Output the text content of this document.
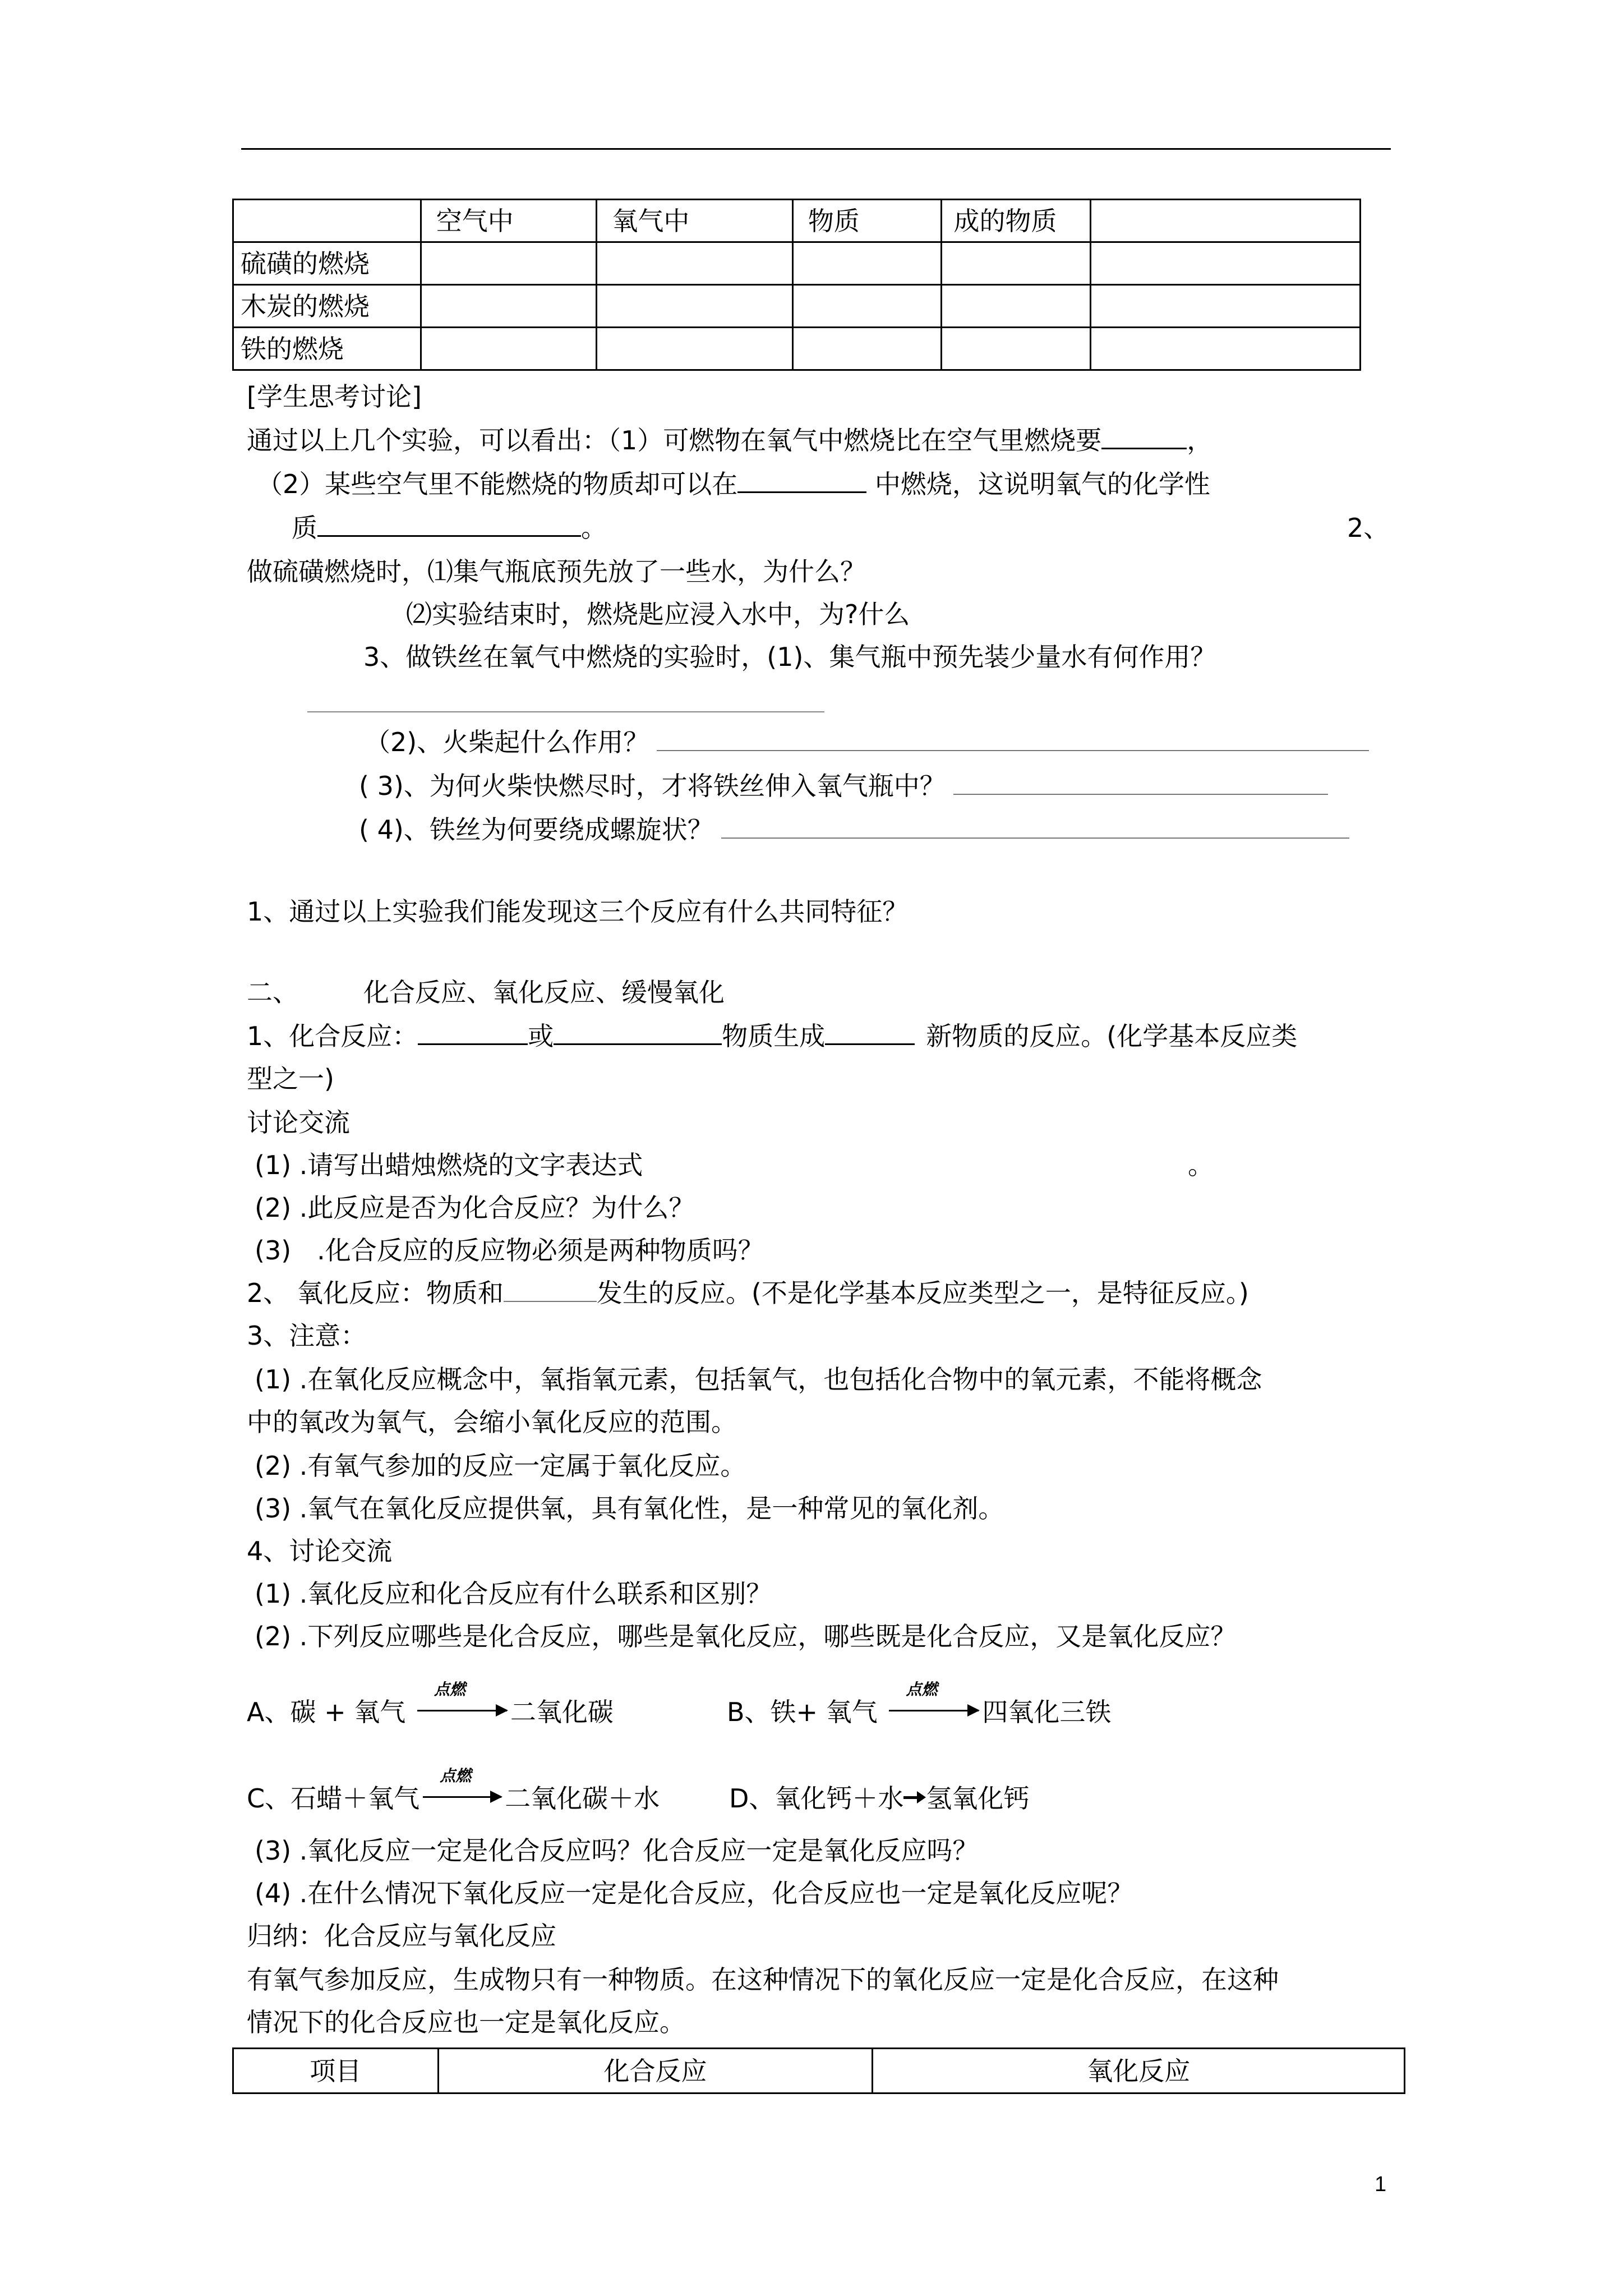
	空气中	氧气中	物质	成的物质	
硫磺的燃烧					
木炭的燃烧					
铁的燃烧					
[学生思考讨论]
通过以上几个实验，可以看出：（1）可燃物在氧气中燃烧比在空气里燃烧要	，
（2）某些空气里不能燃烧的物质却可以在	中燃烧，这说明氧气的化学性
质	。	2、
做硫磺燃烧时，⑴集气瓶底预先放了一些水，为什么？
⑵实验结束时，燃烧匙应浸入水中，为?什么
3、做铁丝在氧气中燃烧的实验时，(1)、集气瓶中预先装少量水有何作用？
（2)、火柴起什么作用？
( 3)、为何火柴快燃尽时，才将铁丝伸入氧气瓶中？
( 4)、铁丝为何要绕成螺旋状？
1、通过以上实验我们能发现这三个反应有什么共同特征？
二、	化合反应、氧化反应、缓慢氧化
1、化合反应：	或	物质生成	新物质的反应。(化学基本反应类
型之一)
讨论交流
(1) .请写出蜡烛燃烧的文字表达式	。
(2) .此反应是否为化合反应？为什么？
(3)　.化合反应的反应物必须是两种物质吗？
2、 氧化反应：物质和	发生的反应。(不是化学基本反应类型之一，是特征反应。)
3、注意：
(1) .在氧化反应概念中，氧指氧元素，包括氧气，也包括化合物中的氧元素，不能将概念
中的氧改为氧气，会缩小氧化反应的范围。
(2) .有氧气参加的反应一定属于氧化反应。
(3) .氧气在氧化反应提供氧，具有氧化性，是一种常见的氧化剂。
4、讨论交流
(1) .氧化反应和化合反应有什么联系和区别？
(2) .下列反应哪些是化合反应，哪些是氧化反应，哪些既是化合反应，又是氧化反应？
A、碳 + 氧气
点燃
二氧化碳	B、铁+ 氧气
点燃
四氧化三铁
C、石蜡＋氧气
点燃
二氧化碳＋水	D、氧化钙＋水 氢氧化钙
(3) .氧化反应一定是化合反应吗？化合反应一定是氧化反应吗？
(4) .在什么情况下氧化反应一定是化合反应，化合反应也一定是氧化反应呢？
归纳：化合反应与氧化反应
有氧气参加反应，生成物只有一种物质。在这种情况下的氧化反应一定是化合反应，在这种
情况下的化合反应也一定是氧化反应。
项目	化合反应	氧化反应
1
